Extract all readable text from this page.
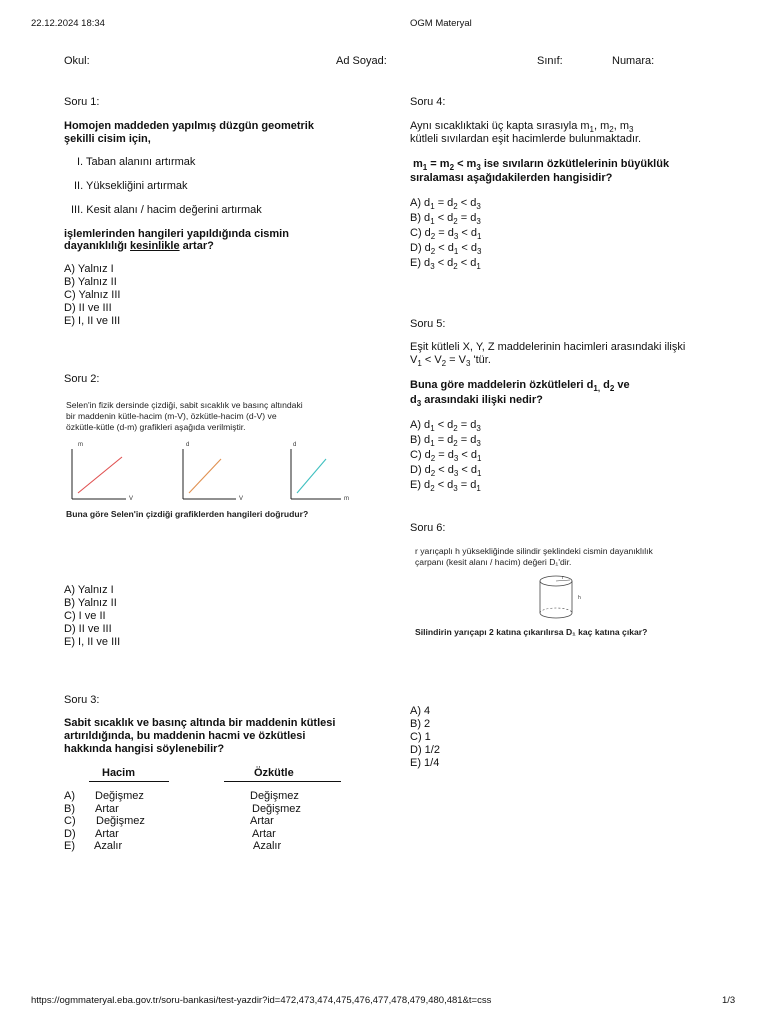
22.12.2024 18:34	OGM Materyal
Okul:	Ad Soyad:	Sınıf:	Numara:
Soru 1:
Homojen maddeden yapılmış düzgün geometrik
şekilli cisim için,
I. Taban alanını artırmak
II. Yüksekliğini artırmak
III. Kesit alanı / hacim değerini artırmak
işlemlerinden hangileri yapıldığında cismin
dayanıklılığı kesinlikle artar?
A) Yalnız I
B) Yalnız II
C) Yalnız III
D) II ve III
E) I, II ve III
Soru 2:
Selen'in fizik dersinde çizdiği, sabit sıcaklık ve basınç altındaki
bir maddenin kütle-hacim (m-V), özkütle-hacim (d-V) ve
özkütle-kütle (d-m) grafikleri aşağıda verilmiştir.
m
V
d
V
d
m
Buna göre Selen'in çizdiği grafiklerden hangileri doğrudur?
A) Yalnız I
B) Yalnız II
C) I ve II
D) II ve III
E) I, II ve III
Soru 3:
Sabit sıcaklık ve basınç altında bir maddenin kütlesi
artırıldığında, bu maddenin hacmi ve özkütlesi
hakkında hangisi söylenebilir?
Hacim	Özkütle
A) Değişmez	Değişmez
B) Artar	Değişmez
C) Değişmez	Artar
D) Artar	Artar
E) Azalır	Azalır
Soru 4:
Aynı sıcaklıktaki üç kapta sırasıyla $m_1$, $m_2$, $m_3$
kütleli sıvılardan eşit hacimlerde bulunmaktadır.
$m_1 = m_2 < m_3$ ise sıvıların özkütlelerinin büyüklük
sıralaması aşağıdakilerden hangisidir?
A) $d_1 = d_2 < d_3$
B) $d_1 < d_2 = d_3$
C) $d_2 = d_3 < d_1$
D) $d_2 < d_1 < d_3$
E) $d_3 < d_2 < d_1$
Soru 5:
Eşit kütleli X, Y, Z maddelerinin hacimleri arasındaki ilişki
$V_1 < V_2 = V_3$ 'tür.
Buna göre maddelerin özkütleleri $d_{1,}$ $d_2$ ve
$d_3$ arasındaki ilişki nedir?
A) $d_1 < d_2 = d_3$
B) $d_1 = d_2 = d_3$
C) $d_2 = d_3 < d_1$
D) $d_2 < d_3 < d_1$
E) $d_2 < d_3 = d_1$
Soru 6:
r yarıçaplı h yüksekliğinde silindir şeklindeki cismin dayanıklılık
çarpanı (kesit alanı / hacim) değeri D₁'dir.
r
h
Silindirin yarıçapı 2 katına çıkarılırsa D₁ kaç katına çıkar?
A) 4
B) 2
C) 1
D) 1/2
E) 1/4
https://ogmmateryal.eba.gov.tr/soru-bankasi/test-yazdir?id=472,473,474,475,476,477,478,479,480,481&t=css	1/3
